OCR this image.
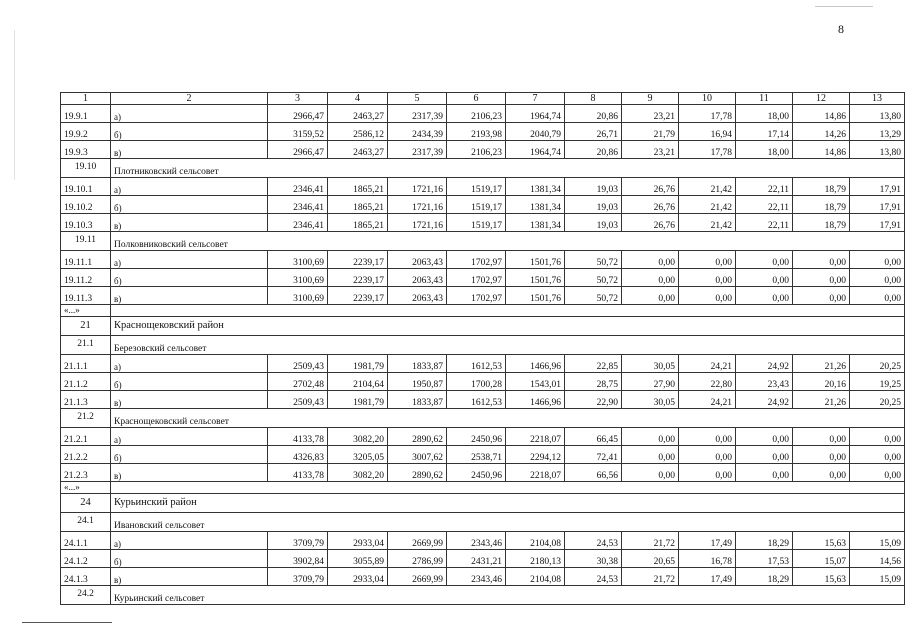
8
1	2	3	4	5	6	7	8	9	10	11	12	13
19.9.1	а)	2966,47	2463,27	2317,39	2106,23	1964,74	20,86	23,21	17,78	18,00	14,86	13,80
19.9.2	б)	3159,52	2586,12	2434,39	2193,98	2040,79	26,71	21,79	16,94	17,14	14,26	13,29
19.9.3	в)	2966,47	2463,27	2317,39	2106,23	1964,74	20,86	23,21	17,78	18,00	14,86	13,80
19.10	Плотниковский сельсовет											
19.10.1	а)	2346,41	1865,21	1721,16	1519,17	1381,34	19,03	26,76	21,42	22,11	18,79	17,91
19.10.2	б)	2346,41	1865,21	1721,16	1519,17	1381,34	19,03	26,76	21,42	22,11	18,79	17,91
19.10.3	в)	2346,41	1865,21	1721,16	1519,17	1381,34	19,03	26,76	21,42	22,11	18,79	17,91
19.11	Полковниковский сельсовет											
19.11.1	а)	3100,69	2239,17	2063,43	1702,97	1501,76	50,72	0,00	0,00	0,00	0,00	0,00
19.11.2	б)	3100,69	2239,17	2063,43	1702,97	1501,76	50,72	0,00	0,00	0,00	0,00	0,00
19.11.3	в)	3100,69	2239,17	2063,43	1702,97	1501,76	50,72	0,00	0,00	0,00	0,00	0,00
«...»												
21	Краснощековский район											
21.1	Березовский сельсовет											
21.1.1	а)	2509,43	1981,79	1833,87	1612,53	1466,96	22,85	30,05	24,21	24,92	21,26	20,25
21.1.2	б)	2702,48	2104,64	1950,87	1700,28	1543,01	28,75	27,90	22,80	23,43	20,16	19,25
21.1.3	в)	2509,43	1981,79	1833,87	1612,53	1466,96	22,90	30,05	24,21	24,92	21,26	20,25
21.2	Краснощековский сельсовет											
21.2.1	а)	4133,78	3082,20	2890,62	2450,96	2218,07	66,45	0,00	0,00	0,00	0,00	0,00
21.2.2	б)	4326,83	3205,05	3007,62	2538,71	2294,12	72,41	0,00	0,00	0,00	0,00	0,00
21.2.3	в)	4133,78	3082,20	2890,62	2450,96	2218,07	66,56	0,00	0,00	0,00	0,00	0,00
«...»												
24	Курьинский район											
24.1	Ивановский сельсовет											
24.1.1	а)	3709,79	2933,04	2669,99	2343,46	2104,08	24,53	21,72	17,49	18,29	15,63	15,09
24.1.2	б)	3902,84	3055,89	2786,99	2431,21	2180,13	30,38	20,65	16,78	17,53	15,07	14,56
24.1.3	в)	3709,79	2933,04	2669,99	2343,46	2104,08	24,53	21,72	17,49	18,29	15,63	15,09
24.2	Курьинский сельсовет											
